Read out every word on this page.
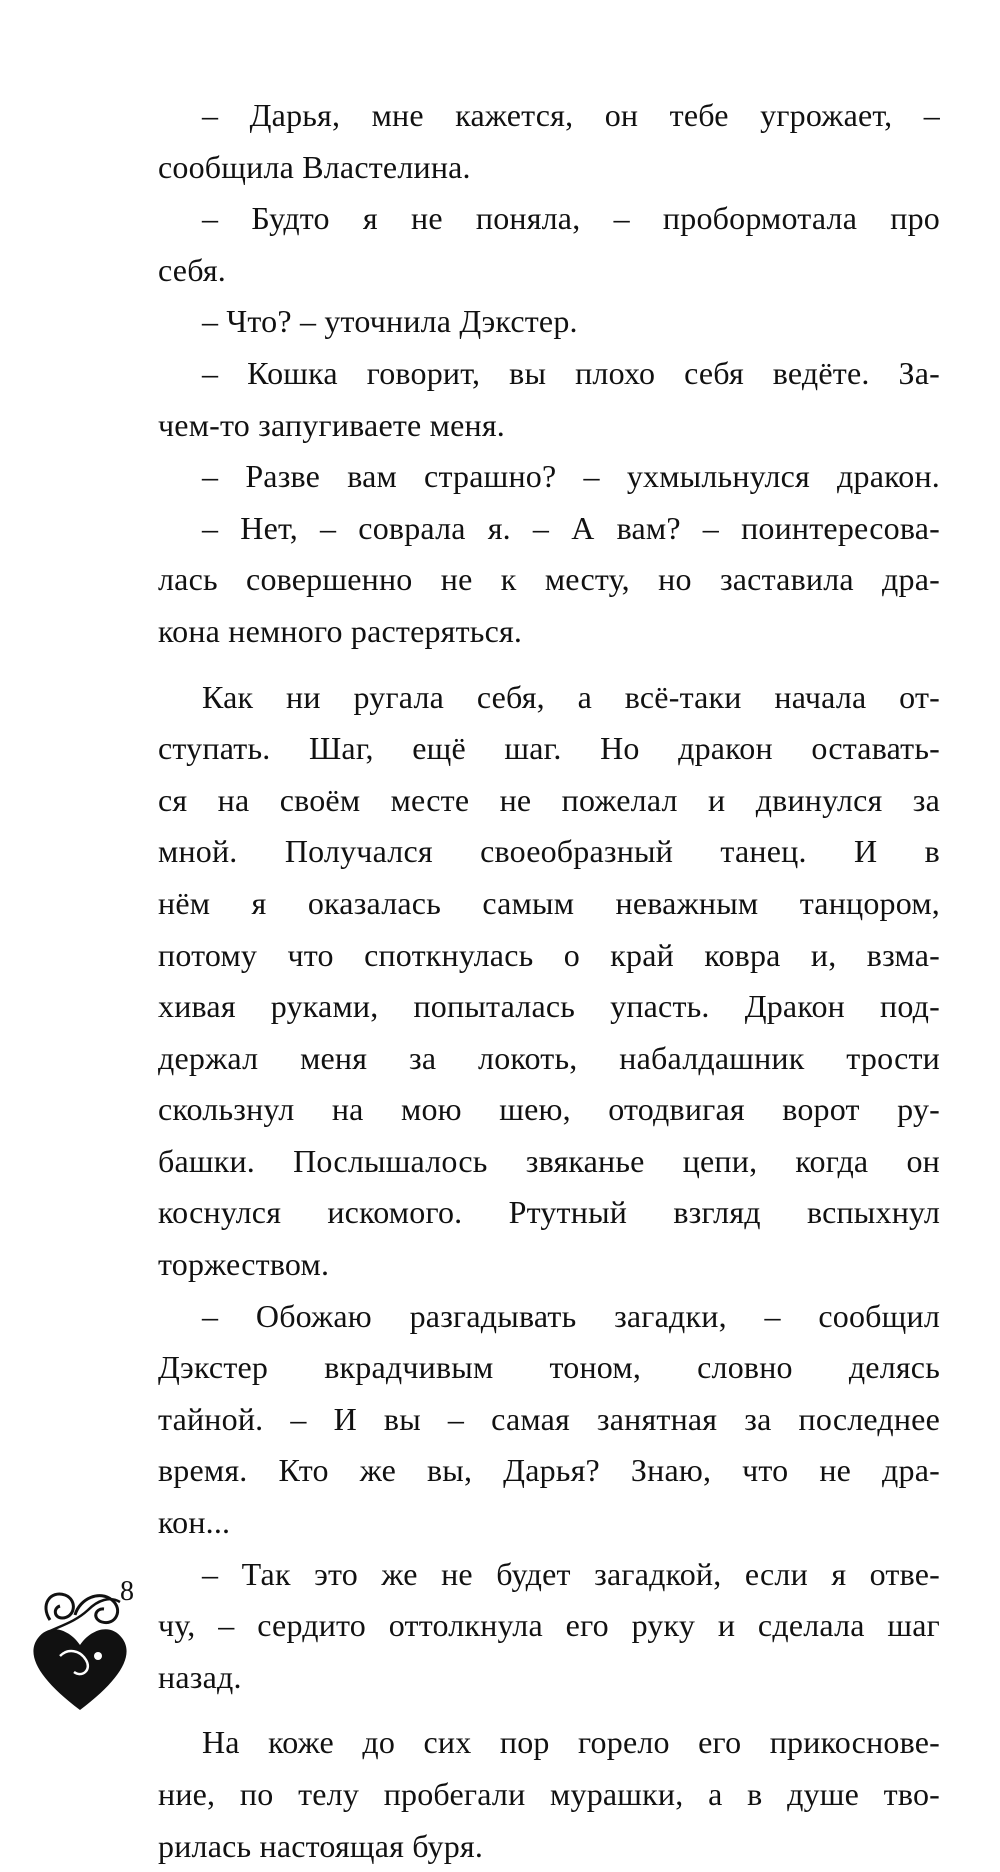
– Дарья, мне кажется, он тебе угрожает, –
сообщила Властелина.
– Будто я не поняла, – пробормотала про
себя.
– Что? – уточнила Дэкстер.
– Кошка говорит, вы плохо себя ведёте. За-
чем-то запугиваете меня.
– Разве вам страшно? – ухмыльнулся дракон.
– Нет, – соврала я. – А вам? – поинтересова-
лась совершенно не к месту, но заставила дра-
кона немного растеряться.
Как ни ругала себя, а всё-таки начала от-
ступать. Шаг, ещё шаг. Но дракон оставать-
ся на своём месте не пожелал и двинулся за
мной. Получался своеобразный танец. И в
нём я оказалась самым неважным танцором,
потому что споткнулась о край ковра и, взма-
хивая руками, попыталась упасть. Дракон под-
держал меня за локоть, набалдашник трости
скользнул на мою шею, отодвигая ворот ру-
башки. Послышалось звяканье цепи, когда он
коснулся искомого. Ртутный взгляд вспыхнул
торжеством.
– Обожаю разгадывать загадки, – сообщил
Дэкстер вкрадчивым тоном, словно делясь
тайной. – И вы – самая занятная за последнее
время. Кто же вы, Дарья? Знаю, что не дра-
кон...
– Так это же не будет загадкой, если я отве-
чу, – сердито оттолкнула его руку и сделала шаг
назад.
На коже до сих пор горело его прикоснове-
ние, по телу пробегали мурашки, а в душе тво-
рилась настоящая буря.
8
